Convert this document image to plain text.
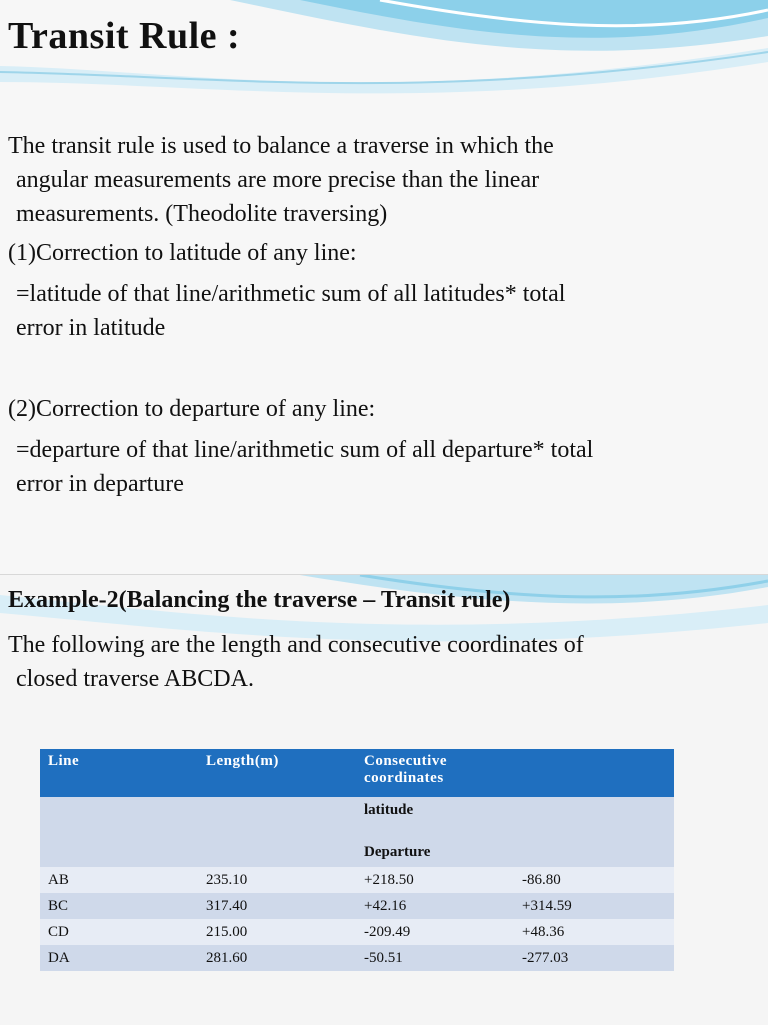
Transit Rule :

The transit rule is used to balance a traverse in which the

angular measurements are more precise than the linear

measurements. (Theodolite traversing)

(1)Correction to latitude of any line:

=latitude of that line/arithmetic sum of all latitudes* total

error in latitude

(2)Correction to departure of any line:

=departure of that line/arithmetic sum of all departure* total

error in departure

Example-2(Balancing the traverse – Transit rule)

The following are the length and consecutive coordinates of

closed traverse ABCDA.

Line	Length(m)	Consecutive coordinates	

		latitude
Departure	

AB	235.10	+218.50	-86.80
BC	317.40	+42.16	+314.59
CD	215.00	-209.49	+48.36
DA	281.60	-50.51	-277.03
